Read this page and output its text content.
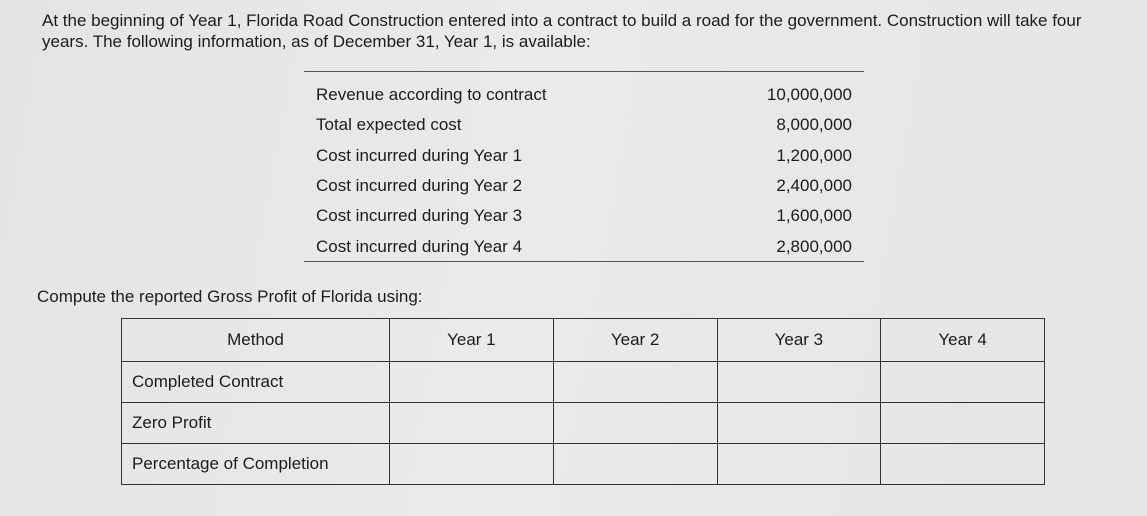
At the beginning of Year 1, Florida Road Construction entered into a contract to build a road for the government. Construction will take four years. The following information, as of December 31, Year 1, is available:

Revenue according to contract	10,000,000
Total expected cost	8,000,000
Cost incurred during Year 1	1,200,000
Cost incurred during Year 2	2,400,000
Cost incurred during Year 3	1,600,000
Cost incurred during Year 4	2,800,000

Compute the reported Gross Profit of Florida using:

Method	Year 1	Year 2	Year 3	Year 4
Completed Contract				
Zero Profit				
Percentage of Completion				
